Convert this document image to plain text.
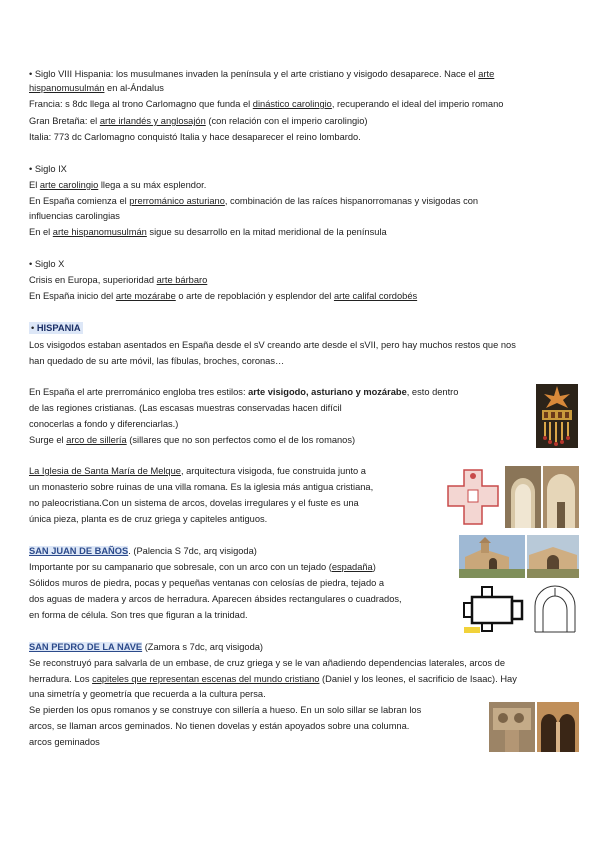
• Siglo VIII Hispania: los musulmanes invaden la península y el arte cristiano y visigodo desaparece. Nace el arte
hispanomusulmán en al-Ándalus
Francia: s 8dc llega al trono Carlomagno que funda el dinástico carolingio, recuperando el ideal del imperio romano
Gran Bretaña: el arte irlandés y anglosajón (con relación con el imperio carolingio)
Italia: 773 dc Carlomagno conquistó Italia y hace desaparecer el reino lombardo.
• Siglo IX
El arte carolingio llega a su máx esplendor.
En España comienza el prerrománico asturiano, combinación de las raíces hispanorromanas y visigodas con
influencias carolingias
En el arte hispanomusulmán sigue su desarrollo en la mitad meridional de la península
• Siglo X
Crisis en Europa, superioridad arte bárbaro
En España inicio del arte mozárabe o arte de repoblación y esplendor del arte califal cordobés
• HISPANIA
Los visigodos estaban asentados en España desde el sV creando arte desde el sVII, pero hay muchos restos que nos
han quedado de su arte móvil, las fíbulas, broches, coronas…
En España el arte prerrománico engloba tres estilos: arte visigodo, asturiano y mozárabe, esto dentro
de las regiones cristianas. (Las escasas muestras conservadas hacen difícil
conocerlas a fondo y diferenciarlas.)
Surge el arco de sillería (sillares que no son perfectos como el de los romanos)
La Iglesia de Santa María de Melque, arquitectura visigoda, fue construida junto a
un monasterio sobre ruinas de una villa romana. Es la iglesia más antigua cristiana,
no paleocristiana.Con un sistema de arcos, dovelas irregulares y el fuste es una
única pieza, planta es de cruz griega y capiteles antiguos.
SAN JUAN DE BAÑOS. (Palencia S 7dc, arq visigoda)
Importante por su campanario que sobresale, con un arco con un tejado (espadaña)
Sólidos muros de piedra, pocas y pequeñas ventanas con celosías de piedra, tejado a
dos aguas de madera y arcos de herradura. Aparecen ábsides rectangulares o cuadrados,
en forma de célula. Son tres que figuran a la trinidad.
SAN PEDRO DE LA NAVE (Zamora s 7dc, arq visigoda)
Se reconstruyó para salvarla de un embase, de cruz griega y se le van añadiendo dependencias laterales, arcos de
herradura. Los capiteles que representan escenas del mundo cristiano (Daniel y los leones, el sacrificio de Isaac). Hay
una simetría y geometría que recuerda a la cultura persa.
Se pierden los opus romanos y se construye con sillería a hueso. En un solo sillar se labran los
arcos, se llaman arcos geminados. No tienen dovelas y están apoyados sobre una columna.
arcos geminados
